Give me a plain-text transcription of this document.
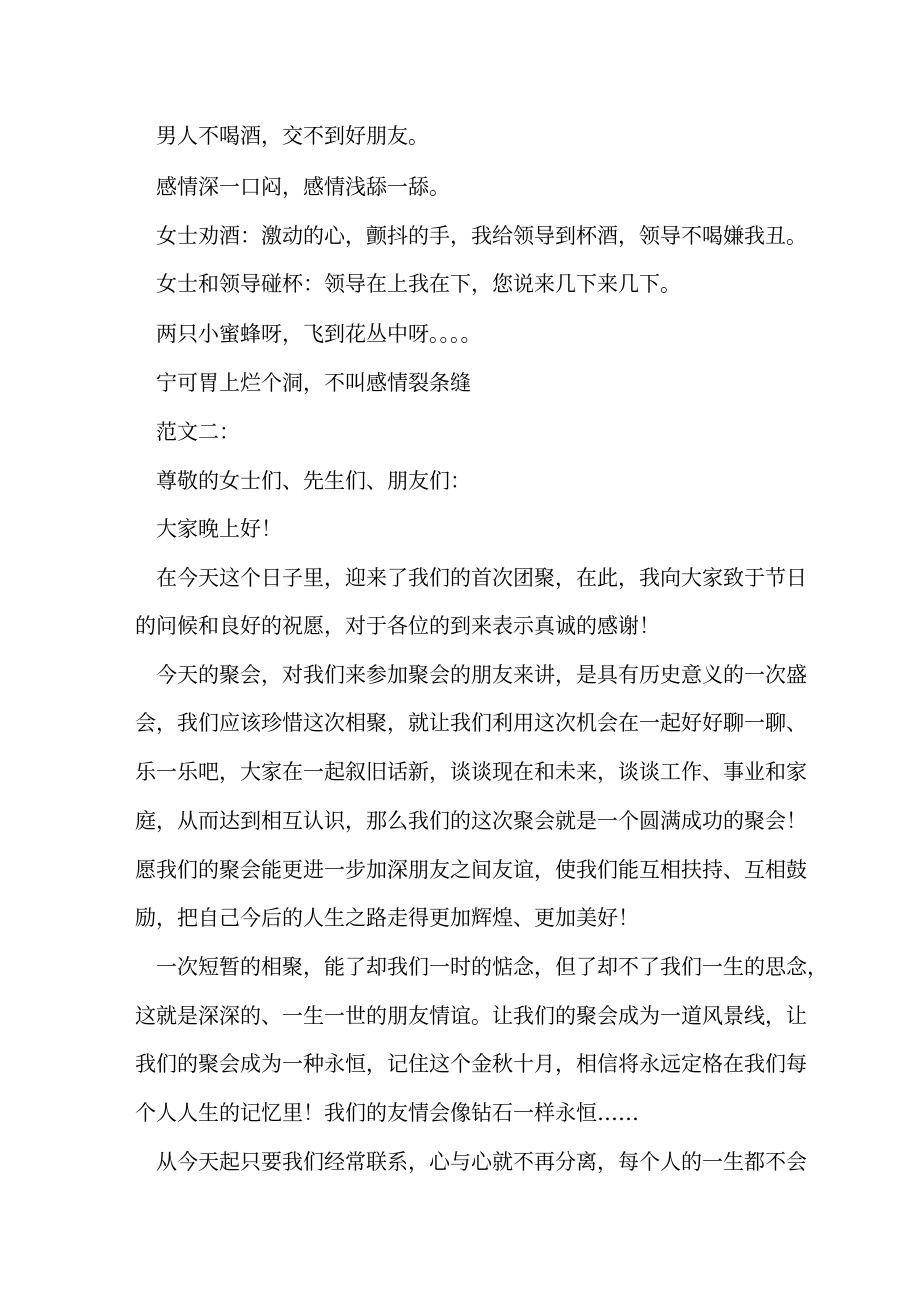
男人不喝酒，交不到好朋友。

感情深一口闷，感情浅舔一舔。

女士劝酒：激动的心，颤抖的手，我给领导到杯酒，领导不喝嫌我丑。

女士和领导碰杯：领导在上我在下，您说来几下来几下。

两只小蜜蜂呀，飞到花丛中呀。。。。

宁可胃上烂个洞，不叫感情裂条缝

范文二：

尊敬的女士们、先生们、朋友们：

大家晚上好！

在今天这个日子里，迎来了我们的首次团聚，在此，我向大家致于节日

的问候和良好的祝愿，对于各位的到来表示真诚的感谢！

今天的聚会，对我们来参加聚会的朋友来讲，是具有历史意义的一次盛

会，我们应该珍惜这次相聚，就让我们利用这次机会在一起好好聊一聊、

乐一乐吧，大家在一起叙旧话新，谈谈现在和未来，谈谈工作、事业和家

庭，从而达到相互认识，那么我们的这次聚会就是一个圆满成功的聚会！

愿我们的聚会能更进一步加深朋友之间友谊，使我们能互相扶持、互相鼓

励，把自己今后的人生之路走得更加辉煌、更加美好！

一次短暂的相聚，能了却我们一时的惦念，但了却不了我们一生的思念，

这就是深深的、一生一世的朋友情谊。让我们的聚会成为一道风景线，让

我们的聚会成为一种永恒，记住这个金秋十月，相信将永远定格在我们每

个人人生的记忆里！我们的友情会像钻石一样永恒……

从今天起只要我们经常联系，心与心就不再分离，每个人的一生都不会
